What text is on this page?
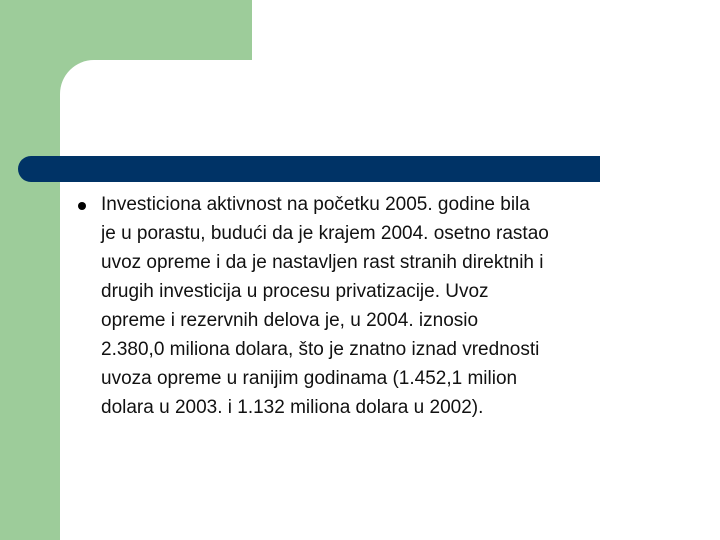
Investiciona aktivnost na početku 2005. godine bila
je u porastu, budući da je krajem 2004. osetno rastao
uvoz opreme i da je nastavljen rast stranih direktnih i
drugih investicija u procesu privatizacije. Uvoz
opreme i rezervnih delova je, u 2004. iznosio
2.380,0 miliona dolara, što je znatno iznad vrednosti
uvoza opreme u ranijim godinama (1.452,1 milion
dolara u 2003. i 1.132 miliona dolara u 2002).
